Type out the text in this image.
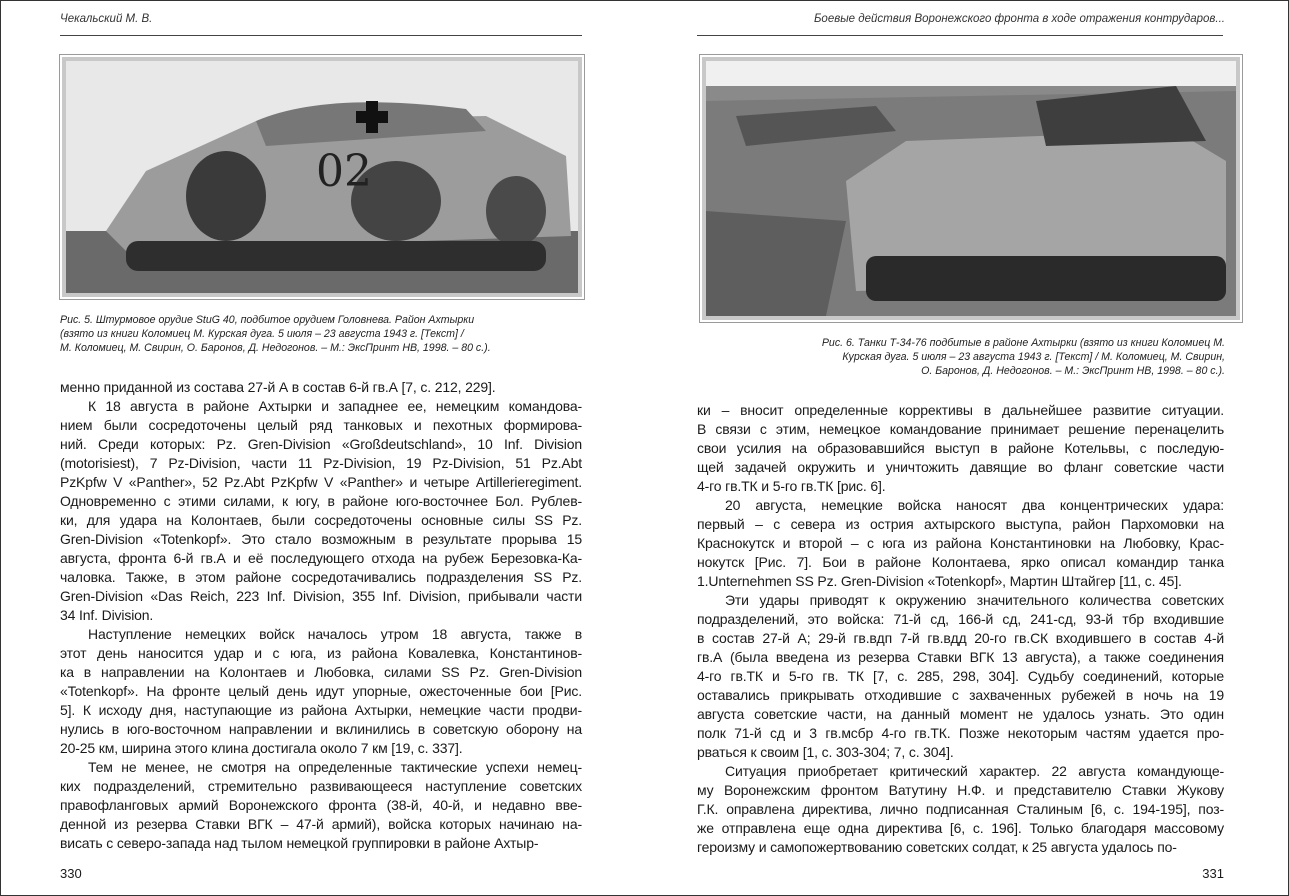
Чекальский М. В.
02
Рис. 5. Штурмовое орудие StuG 40, подбитое орудием Головнева. Район Ахтырки
(взято из книги Коломиец М. Курская дуга. 5 июля – 23 августа 1943 г. [Текст] /
М. Коломиец, М. Свирин, О. Баронов, Д. Недогонов. – М.: ЭксПринт НВ, 1998. – 80 с.).
менно приданной из состава 27-й А в состав 6-й гв.А [7, с. 212, 229].
К 18 августа в районе Ахтырки и западнее ее, немецким командова-
нием были сосредоточены целый ряд танковых и пехотных формирова-
ний. Среди которых: Pz. Gren-Division «Großdeutschland», 10 Inf. Division
(motorisiest), 7 Pz-Division, части 11 Pz-Division, 19 Pz-Division, 51 Pz.Abt
PzKpfw V «Panther», 52 Pz.Abt PzKpfw V «Panther» и четыре Artillerieregiment.
Одновременно с этими силами, к югу, в районе юго-восточнее Бол. Рублев-
ки, для удара на Колонтаев, были сосредоточены основные силы SS Pz.
Gren-Division «Totenkopf». Это стало возможным в результате прорыва 15
августа, фронта 6-й гв.А и её последующего отхода на рубеж Березовка-Ка-
чаловка. Также, в этом районе сосредотачивались подразделения SS Pz.
Gren-Division «Das Reich, 223 Inf. Division, 355 Inf. Division, прибывали части
34 Inf. Division.
Наступление немецких войск началось утром 18 августа, также в
этот день наносится удар и с юга, из района Ковалевка, Константинов-
ка в направлении на Колонтаев и Любовка, силами SS Pz. Gren-Division
«Totenkopf». На фронте целый день идут упорные, ожесточенные бои [Рис.
5]. К исходу дня, наступающие из района Ахтырки, немецкие части продви-
нулись в юго-восточном направлении и вклинились в советскую оборону на
20-25 км, ширина этого клина достигала около 7 км [19, с. 337].
Тем не менее, не смотря на определенные тактические успехи немец-
ких подразделений, стремительно развивающееся наступление советских
правофланговых армий Воронежского фронта (38-й, 40-й, и недавно вве-
денной из резерва Ставки ВГК – 47-й армий), войска которых начинаю на-
висать с северо-запада над тылом немецкой группировки в районе Ахтыр-
330
Боевые действия Воронежского фронта в ходе отражения контрударов...
Рис. 6. Танки Т-34-76 подбитые в районе Ахтырки (взято из книги Коломиец М.
Курская дуга. 5 июля – 23 августа 1943 г. [Текст] / М. Коломиец, М. Свирин,
О. Баронов, Д. Недогонов. – М.: ЭксПринт НВ, 1998. – 80 с.).
ки – вносит определенные коррективы в дальнейшее развитие ситуации.
В связи с этим, немецкое командование принимает решение перенацелить
свои усилия на образовавшийся выступ в районе Котельвы, с последую-
щей задачей окружить и уничтожить давящие во фланг советские части
4-го гв.ТК и 5-го гв.ТК [рис. 6].
20 августа, немецкие войска наносят два концентрических удара:
первый – с севера из острия ахтырского выступа, район Пархомовки на
Краснокутск и второй – с юга из района Константиновки на Любовку, Крас-
нокутск [Рис. 7]. Бои в районе Колонтаева, ярко описал командир танка
1.Unternehmen SS Pz. Gren-Division «Totenkopf», Мартин Штайгер [11, с. 45].
Эти удары приводят к окружению значительного количества советских
подразделений, это войска: 71-й сд, 166-й сд, 241-сд, 93-й тбр входившие
в состав 27-й А; 29-й гв.вдп 7-й гв.вдд 20-го гв.СК входившего в состав 4-й
гв.А (была введена из резерва Ставки ВГК 13 августа), а также соединения
4-го гв.ТК и 5-го гв. ТК [7, с. 285, 298, 304]. Судьбу соединений, которые
оставались прикрывать отходившие с захваченных рубежей в ночь на 19
августа советские части, на данный момент не удалось узнать. Это один
полк 71-й сд и 3 гв.мсбр 4-го гв.ТК. Позже некоторым частям удается про-
рваться к своим [1, с. 303-304; 7, с. 304].
Ситуация приобретает критический характер. 22 августа командующе-
му Воронежским фронтом Ватутину Н.Ф. и представителю Ставки Жукову
Г.К. оправлена директива, лично подписанная Сталиным [6, с. 194-195], поз-
же отправлена еще одна директива [6, с. 196]. Только благодаря массовому
героизму и самопожертвованию советских солдат, к 25 августа удалось по-
331
